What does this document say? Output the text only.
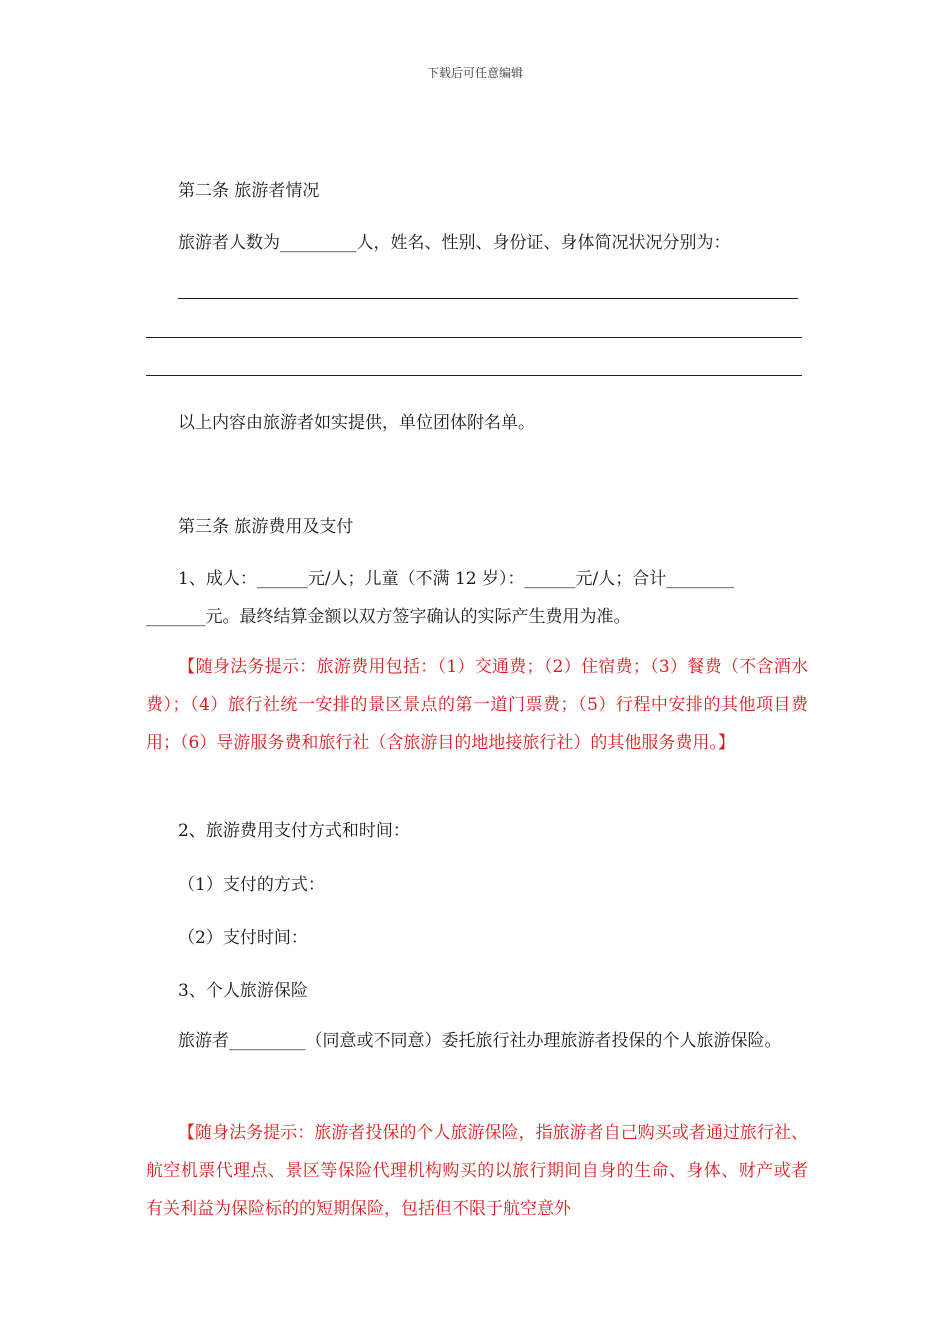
下载后可任意编辑
第二条 旅游者情况
旅游者人数为_________人，姓名、性别、身份证、身体简况状况分别为：
以上内容由旅游者如实提供，单位团体附名单。
第三条 旅游费用及支付
1、成人：______元/人；儿童（不满 12 岁）：______元/人；合计________
_______元。最终结算金额以双方签字确认的实际产生费用为准。
【随身法务提示：旅游费用包括：（1）交通费；（2）住宿费；（3）餐费（不含酒水费）；（4）旅行社统一安排的景区景点的第一道门票费；（5）行程中安排的其他项目费用；（6）导游服务费和旅行社（含旅游目的地地接旅行社）的其他服务费用。】
2、旅游费用支付方式和时间：
（1）支付的方式：
（2）支付时间：
3、个人旅游保险
旅游者_________（同意或不同意）委托旅行社办理旅游者投保的个人旅游保险。
【随身法务提示：旅游者投保的个人旅游保险，指旅游者自己购买或者通过旅行社、航空机票代理点、景区等保险代理机构购买的以旅行期间自身的生命、身体、财产或者有关利益为保险标的的短期保险，包括但不限于航空意外
